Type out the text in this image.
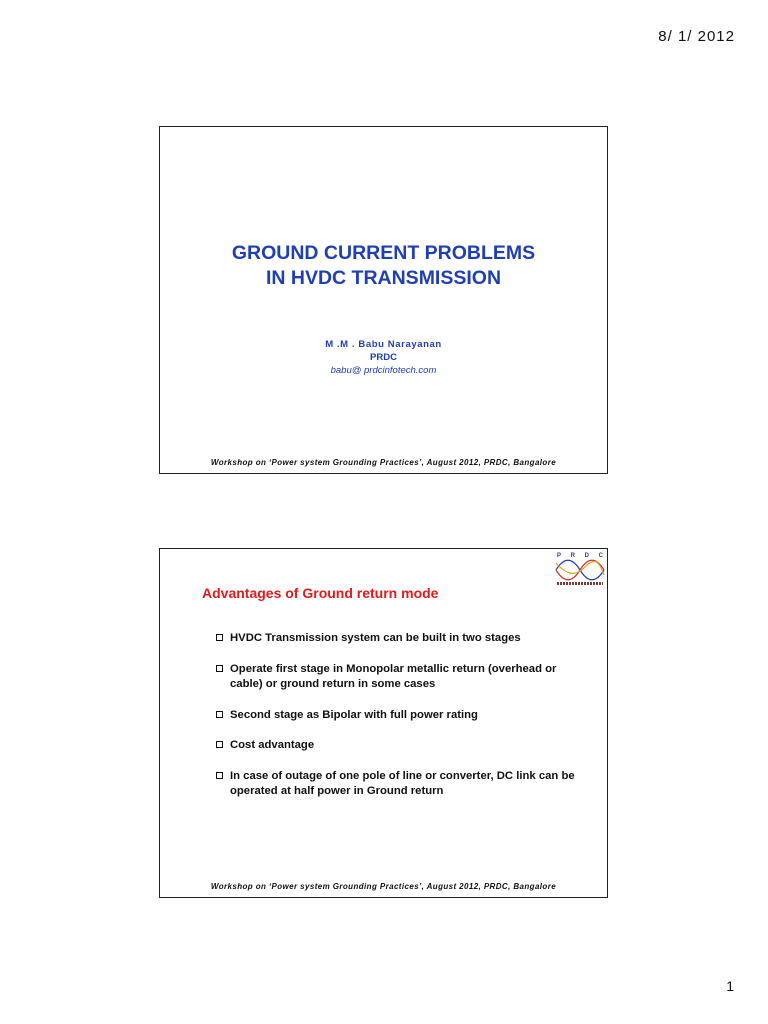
8/ 1/ 2012
GROUND CURRENT PROBLEMS
IN HVDC TRANSMISSION
M .M . Babu Narayanan
PRDC
babu@ prdcinfotech.com
Workshop on ‘Power system Grounding Practices’, August 2012, PRDC, Bangalore
P R D C
Advantages of Ground return mode
HVDC Transmission system can be built in two stages
Operate first stage in Monopolar metallic return (overhead or cable) or ground return in some cases
Second stage as Bipolar with full power rating
Cost advantage
In case of outage of one pole of line or converter, DC link can be operated at half power in Ground return
Workshop on ‘Power system Grounding Practices’, August 2012, PRDC, Bangalore
1
